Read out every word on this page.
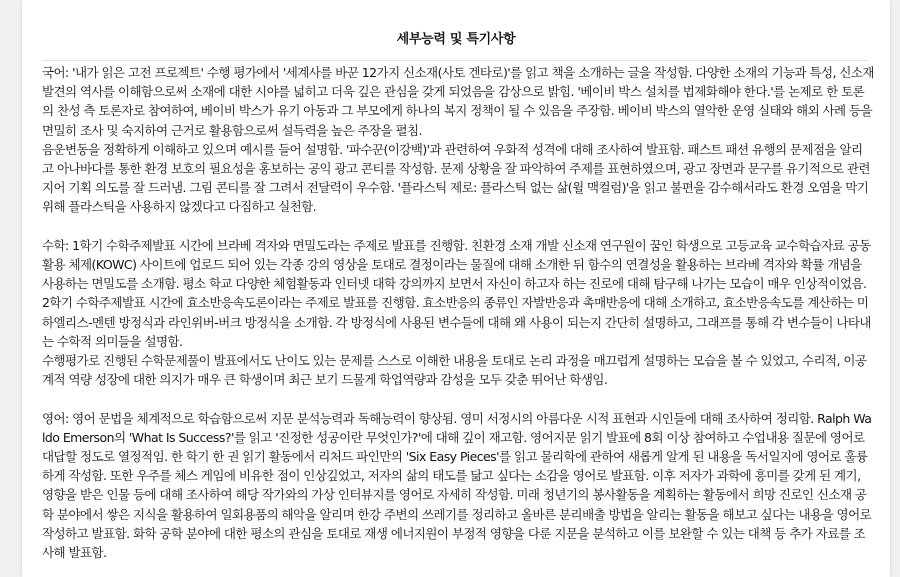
세부능력 및 특기사항

국어: '내가 읽은 고전 프로젝트' 수행 평가에서 '세계사를 바꾼 12가지 신소재(사토 겐타로)'를 읽고 책을 소개하는 글을 작성함. 다양한 소재의 기능과 특성, 신소재 발견의 역사를 이해함으로써 소재에 대한 시야를 넓히고 더욱 깊은 관심을 갖게 되었음을 감상으로 밝힘. '베이비 박스 설치를 법제화해야 한다.'를 논제로 한 토론의 찬성 측 토론자로 참여하여, 베이비 박스가 유기 아동과 그 부모에게 하나의 복지 정책이 될 수 있음을 주장함. 베이비 박스의 열악한 운영 실태와 해외 사례 등을 면밀히 조사 및 숙지하여 근거로 활용함으로써 설득력을 높은 주장을 펼침.

음운변동을 정확하게 이해하고 있으며 예시를 들어 설명함. '파수꾼(이강백)'과 관련하여 우화적 성격에 대해 조사하여 발표함. 패스트 패션 유행의 문제점을 알리고 아나바다를 통한 환경 보호의 필요성을 홍보하는 공익 광고 콘티를 작성함. 문제 상황을 잘 파악하여 주제를 표현하였으며, 광고 장면과 문구를 유기적으로 관련지어 기획 의도를 잘 드러냄. 그림 콘티를 잘 그려서 전달력이 우수함. '플라스틱 제로: 플라스틱 없는 삶(윌 맥컬럼)'을 읽고 불편을 감수해서라도 환경 오염을 막기위해 플라스틱을 사용하지 않겠다고 다짐하고 실천함.

수학: 1학기 수학주제발표 시간에 브라베 격자와 면밀도라는 주제로 발표를 진행함. 친환경 소재 개발 신소재 연구원이 꿈인 학생으로 고등교육 교수학습자료 공동활용 체제(KOWC) 사이트에 업로드 되어 있는 각종 강의 영상을 토대로 결정이라는 물질에 대해 소개한 뒤 함수의 연결성을 활용하는 브라베 격자와 확률 개념을 사용하는 면밀도를 소개함. 평소 학교 다양한 체험활동과 인터넷 대학 강의까지 보면서 자신이 하고자 하는 진로에 대해 탐구해 나가는 모습이 매우 인상적이었음.

2학기 수학주제발표 시간에 효소반응속도론이라는 주제로 발표를 진행함. 효소반응의 종류인 자발반응과 촉매반응에 대해 소개하고, 효소반응속도를 계산하는 미하엘리스-멘텐 방정식과 라인위버-버크 방정식을 소개함. 각 방정식에 사용된 변수들에 대해 왜 사용이 되는지 간단히 설명하고, 그래프를 통해 각 변수들이 나타내는 수학적 의미들을 설명함.

수행평가로 진행된 수학문제풀이 발표에서도 난이도 있는 문제를 스스로 이해한 내용을 토대로 논리 과정을 매끄럽게 설명하는 모습을 볼 수 있었고, 수리적, 이공계적 역량 성장에 대한 의지가 매우 큰 학생이며 최근 보기 드물게 학업역량과 감성을 모두 갖춘 뛰어난 학생임.

영어: 영어 문법을 체계적으로 학습함으로써 지문 분석능력과 독해능력이 향상됨. 영미 서정시의 아름다운 시적 표현과 시인들에 대해 조사하여 정리함. Ralph Waldo Emerson의 'What Is Success?'를 읽고 '진정한 성공이란 무엇인가?'에 대해 깊이 재고함. 영어지문 읽기 발표에 8회 이상 참여하고 수업내용 질문에 영어로 대답할 정도로 열정적임. 한 학기 한 권 읽기 활동에서 리처드 파인만의 'Six Easy Pieces'를 읽고 물리학에 관하여 새롭게 알게 된 내용을 독서일지에 영어로 훌륭하게 작성함. 또한 우주를 체스 게임에 비유한 점이 인상깊었고, 저자의 삶의 태도를 닮고 싶다는 소감을 영어로 발표함. 이후 저자가 과학에 흥미를 갖게 된 계기, 영향을 받은 인물 등에 대해 조사하여 해당 작가와의 가상 인터뷰지를 영어로 자세히 작성함. 미래 청년기의 봉사활동을 계획하는 활동에서 희망 진로인 신소재 공학 분야에서 쌓은 지식을 활용하여 일회용품의 해악을 알리며 한강 주변의 쓰레기를 정리하고 올바른 분리배출 방법을 알리는 활동을 해보고 싶다는 내용을 영어로 작성하고 발표함. 화학 공학 분야에 대한 평소의 관심을 토대로 재생 에너지원이 부정적 영향을 다룬 지문을 분석하고 이를 보완할 수 있는 대책 등 추가 자료를 조사해 발표함.
